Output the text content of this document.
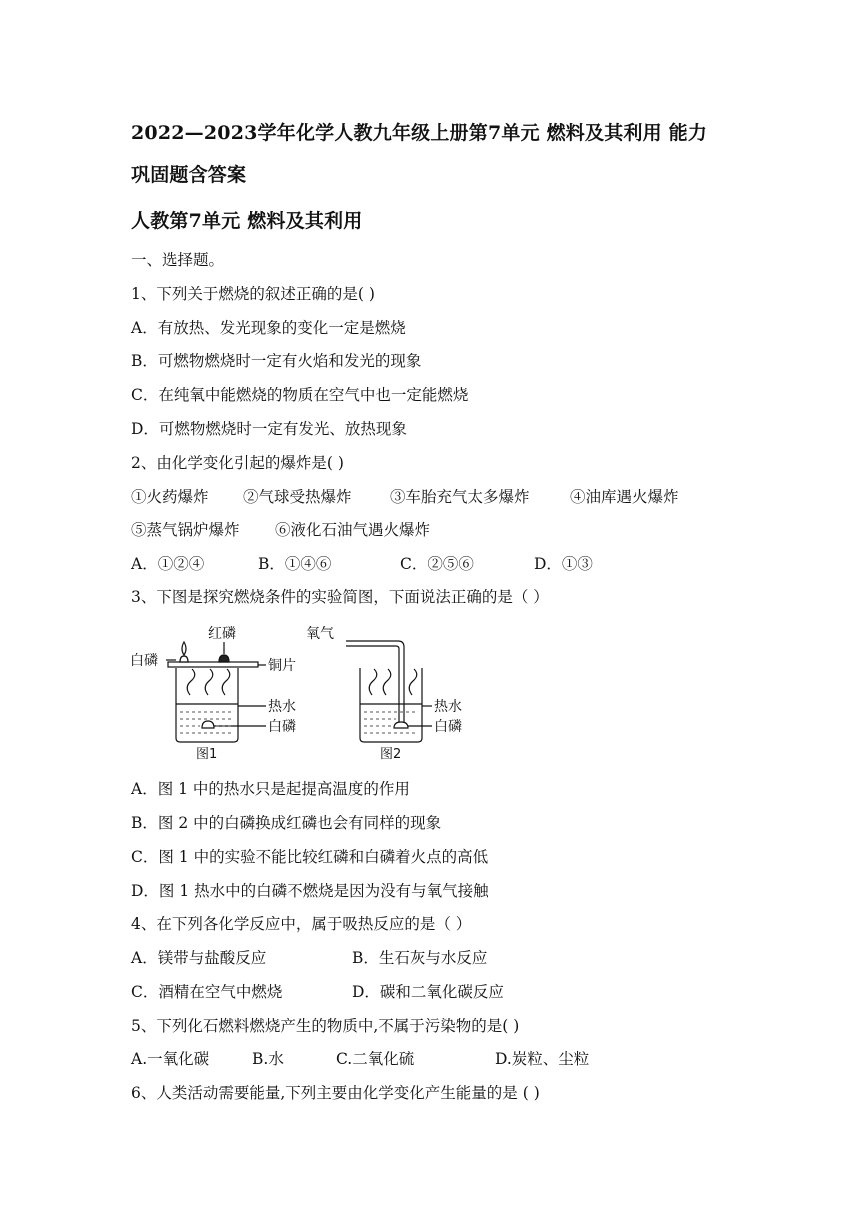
2022—2023学年化学人教九年级上册第7单元 燃料及其利用 能力
巩固题含答案
人教第7单元 燃料及其利用
一、选择题。
1、下列关于燃烧的叙述正确的是( )
A．有放热、发光现象的变化一定是燃烧
B．可燃物燃烧时一定有火焰和发光的现象
C．在纯氧中能燃烧的物质在空气中也一定能燃烧
D．可燃物燃烧时一定有发光、放热现象
2、由化学变化引起的爆炸是( )
①火药爆炸 ②气球受热爆炸 ③车胎充气太多爆炸	④油库遇火爆炸
⑤蒸气锅炉爆炸 ⑥液化石油气遇火爆炸
A．①②④	B．①④⑥	C．②⑤⑥	D．①③
3、下图是探究燃烧条件的实验简图，下面说法正确的是（ ）
红磷
白磷	铜片
热水
白磷
图1
氧气
热水
白磷
图2
A．图 1 中的热水只是起提高温度的作用
B．图 2 中的白磷换成红磷也会有同样的现象
C．图 1 中的实验不能比较红磷和白磷着火点的高低
D．图 1 热水中的白磷不燃烧是因为没有与氧气接触
4、在下列各化学反应中，属于吸热反应的是（ ）
A．镁带与盐酸反应	B．生石灰与水反应
C．酒精在空气中燃烧	D．碳和二氧化碳反应
5、下列化石燃料燃烧产生的物质中,不属于污染物的是( )
A.一氧化碳	B.水	C.二氧化硫	D.炭粒、尘粒
6、人类活动需要能量,下列主要由化学变化产生能量的是 ( )
